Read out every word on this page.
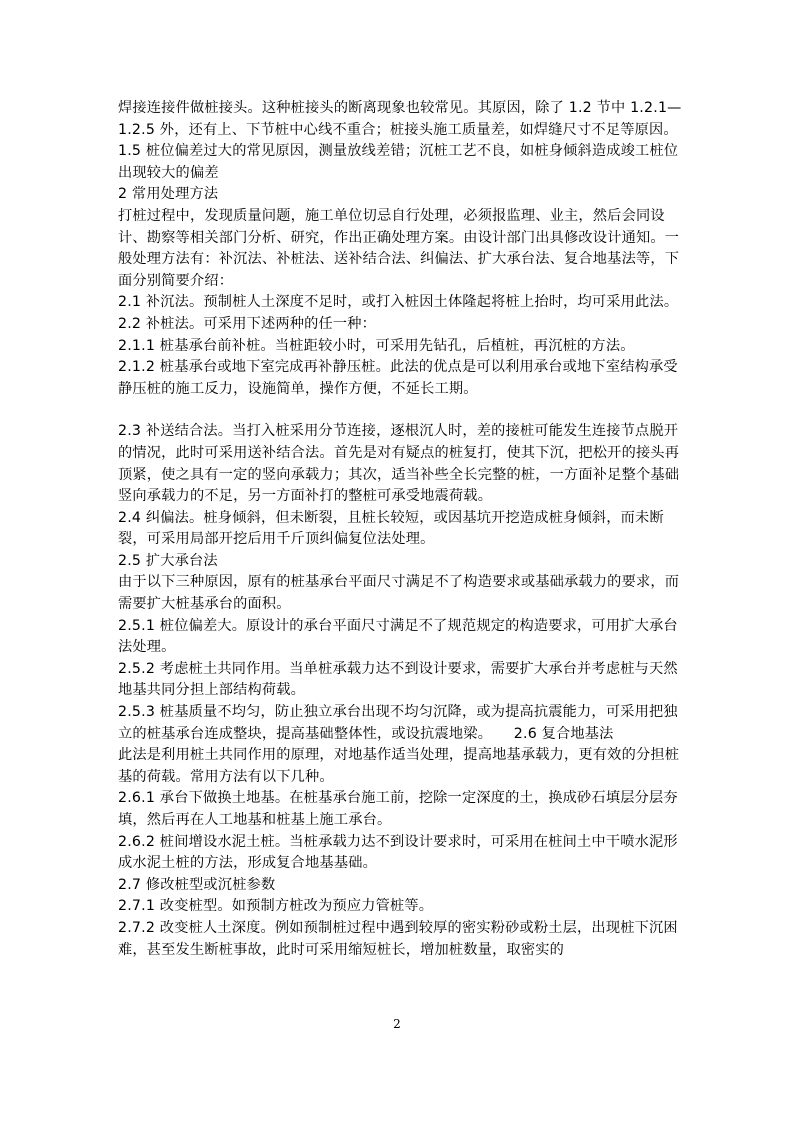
焊接连接件做桩接头。这种桩接头的断离现象也较常见。其原因，除了 1.2 节中 1.2.1—1.2.5 外，还有上、下节桩中心线不重合；桩接头施工质量差，如焊缝尺寸不足等原因。

1.5 桩位偏差过大的常见原因，测量放线差错；沉桩工艺不良，如桩身倾斜造成竣工桩位出现较大的偏差

2 常用处理方法

打桩过程中，发现质量问题，施工单位切忌自行处理，必须报监理、业主，然后会同设计、勘察等相关部门分析、研究，作出正确处理方案。由设计部门出具修改设计通知。一般处理方法有：补沉法、补桩法、送补结合法、纠偏法、扩大承台法、复合地基法等，下面分别简要介绍：

2.1 补沉法。预制桩人土深度不足时，或打入桩因土体隆起将桩上抬时，均可采用此法。

2.2 补桩法。可采用下述两种的任一种：

2.1.1 桩基承台前补桩。当桩距较小时，可采用先钻孔，后植桩，再沉桩的方法。

2.1.2 桩基承台或地下室完成再补静压桩。此法的优点是可以利用承台或地下室结构承受静压桩的施工反力，设施简单，操作方便，不延长工期。

2.3 补送结合法。当打入桩采用分节连接，逐根沉人时，差的接桩可能发生连接节点脱开的情况，此时可采用送补结合法。首先是对有疑点的桩复打，使其下沉，把松开的接头再顶紧，使之具有一定的竖向承载力；其次，适当补些全长完整的桩，一方面补足整个基础竖向承载力的不足，另一方面补打的整桩可承受地震荷载。

2.4 纠偏法。桩身倾斜，但未断裂，且桩长较短，或因基坑开挖造成桩身倾斜，而未断裂，可采用局部开挖后用千斤顶纠偏复位法处理。

2.5 扩大承台法

由于以下三种原因，原有的桩基承台平面尺寸满足不了构造要求或基础承载力的要求，而需要扩大桩基承台的面积。

2.5.1 桩位偏差大。原设计的承台平面尺寸满足不了规范规定的构造要求，可用扩大承台法处理。

2.5.2 考虑桩土共同作用。当单桩承载力达不到设计要求，需要扩大承台并考虑桩与天然地基共同分担上部结构荷载。

2.5.3 桩基质量不均匀，防止独立承台出现不均匀沉降，或为提高抗震能力，可采用把独立的桩基承台连成整块，提高基础整体性，或设抗震地梁。　　2.6 复合地基法

此法是利用桩土共同作用的原理，对地基作适当处理，提高地基承载力，更有效的分担桩基的荷载。常用方法有以下几种。

2.6.1 承台下做换土地基。在桩基承台施工前，挖除一定深度的土，换成砂石填层分层夯填，然后再在人工地基和桩基上施工承台。

2.6.2 桩间增设水泥土桩。当桩承载力达不到设计要求时，可采用在桩间土中干喷水泥形成水泥土桩的方法，形成复合地基基础。

2.7 修改桩型或沉桩参数

2.7.1 改变桩型。如预制方桩改为预应力管桩等。

2.7.2 改变桩人土深度。例如预制桩过程中遇到较厚的密实粉砂或粉土层，出现桩下沉困难，甚至发生断桩事故，此时可采用缩短桩长，增加桩数量，取密实的

2
